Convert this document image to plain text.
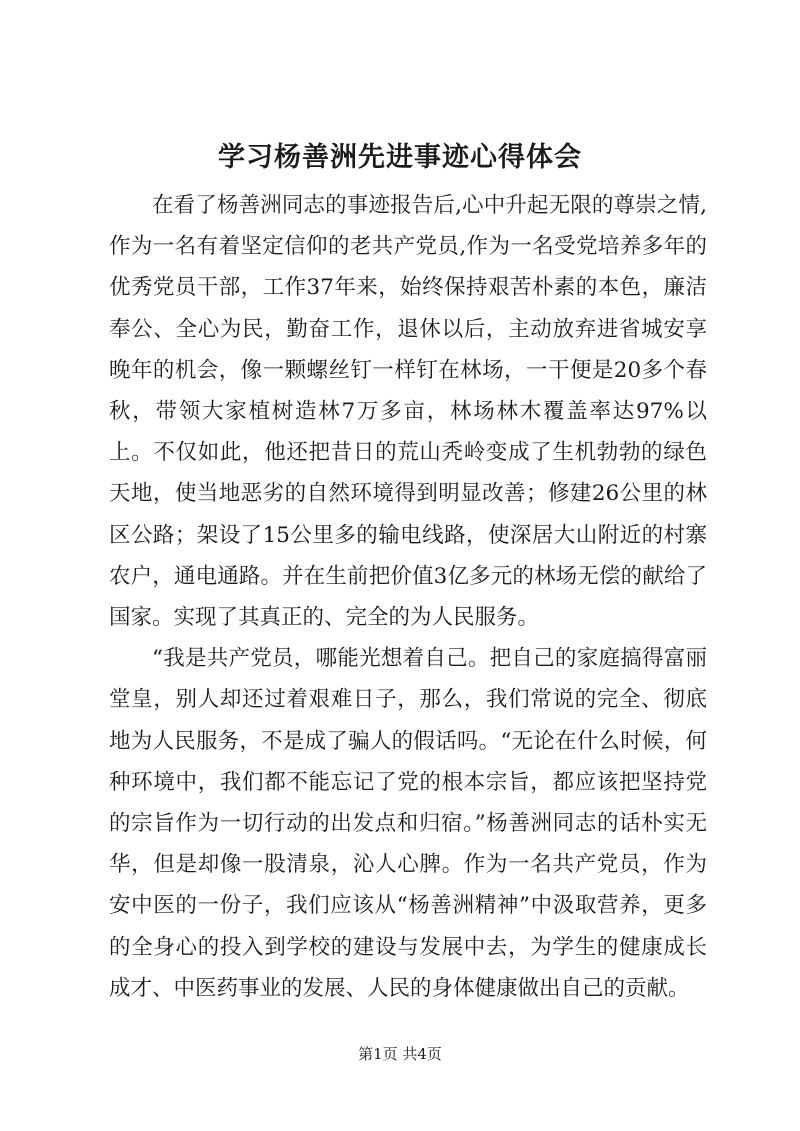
学习杨善洲先进事迹心得体会

在看了杨善洲同志的事迹报告后,心中升起无限的尊崇之情,作为一名有着坚定信仰的老共产党员,作为一名受党培养多年的优秀党员干部，工作37年来，始终保持艰苦朴素的本色，廉洁奉公、全心为民，勤奋工作，退休以后，主动放弃进省城安享晚年的机会，像一颗螺丝钉一样钉在林场，一干便是20多个春秋，带领大家植树造林7万多亩，林场林木覆盖率达97%以上。不仅如此，他还把昔日的荒山秃岭变成了生机勃勃的绿色天地，使当地恶劣的自然环境得到明显改善；修建26公里的林区公路；架设了15公里多的输电线路，使深居大山附近的村寨农户，通电通路。并在生前把价值3亿多元的林场无偿的献给了国家。实现了其真正的、完全的为人民服务。

“我是共产党员，哪能光想着自己。把自己的家庭搞得富丽堂皇，别人却还过着艰难日子，那么，我们常说的完全、彻底地为人民服务，不是成了骗人的假话吗。“无论在什么时候，何种环境中，我们都不能忘记了党的根本宗旨，都应该把坚持党的宗旨作为一切行动的出发点和归宿。”杨善洲同志的话朴实无华，但是却像一股清泉，沁人心脾。作为一名共产党员，作为安中医的一份子，我们应该从“杨善洲精神”中汲取营养，更多的全身心的投入到学校的建设与发展中去，为学生的健康成长成才、中医药事业的发展、人民的身体健康做出自己的贡献。

第1页 共4页
